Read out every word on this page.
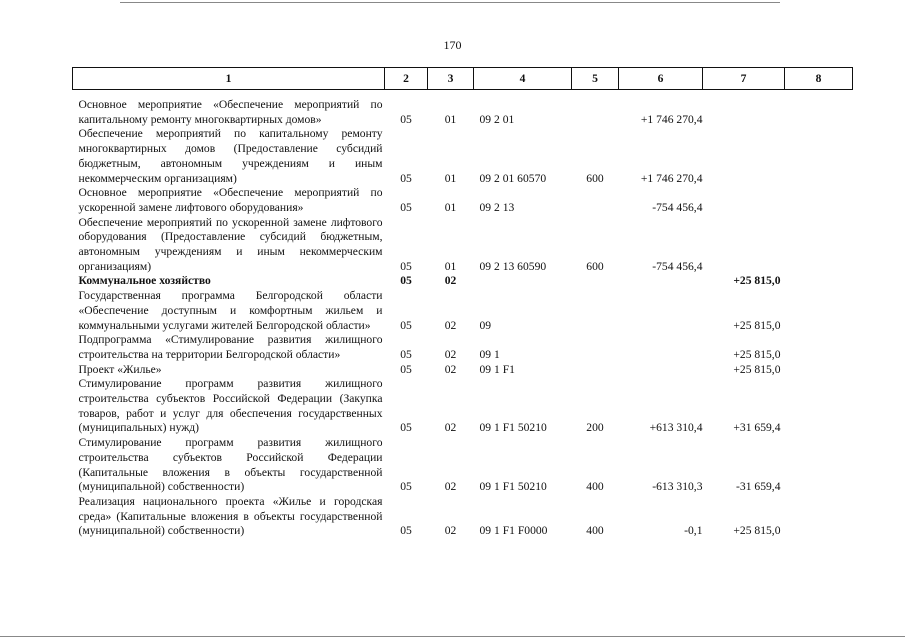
170
1	2	3	4	5	6	7	8

Основное мероприятие «Обеспечение мероприятий по капитальному ремонту многоквартирных домов»	05	01	09 2 01		+1 746 270,4		
Обеспечение мероприятий по капитальному ремонту многоквартирных домов (Предоставление субсидий бюджетным, автономным учреждениям и иным некоммерческим организациям)	05	01	09 2 01 60570	600	+1 746 270,4		
Основное мероприятие «Обеспечение мероприятий по ускоренной замене лифтового оборудования»	05	01	09 2 13		-754 456,4		
Обеспечение мероприятий по ускоренной замене лифтового оборудования (Предоставление субсидий бюджетным, автономным учреждениям и иным некоммерческим организациям)	05	01	09 2 13 60590	600	-754 456,4		
Коммунальное хозяйство	05	02				+25 815,0	
Государственная программа Белгородской области «Обеспечение доступным и комфортным жильем и коммунальными услугами жителей Белгородской области»	05	02	09			+25 815,0	
Подпрограмма «Стимулирование развития жилищного строительства на территории Белгородской области»	05	02	09 1			+25 815,0	
Проект «Жилье»	05	02	09 1 F1			+25 815,0	
Стимулирование программ развития жилищного строительства субъектов Российской Федерации (Закупка товаров, работ и услуг для обеспечения государственных (муниципальных) нужд)	05	02	09 1 F1 50210	200	+613 310,4	+31 659,4	
Стимулирование программ развития жилищного строительства субъектов Российской Федерации (Капитальные вложения в объекты государственной (муниципальной) собственности)	05	02	09 1 F1 50210	400	-613 310,3	-31 659,4	
Реализация национального проекта «Жилье и городская среда» (Капитальные вложения в объекты государственной (муниципальной) собственности)	05	02	09 1 F1 F0000	400	-0,1	+25 815,0	
